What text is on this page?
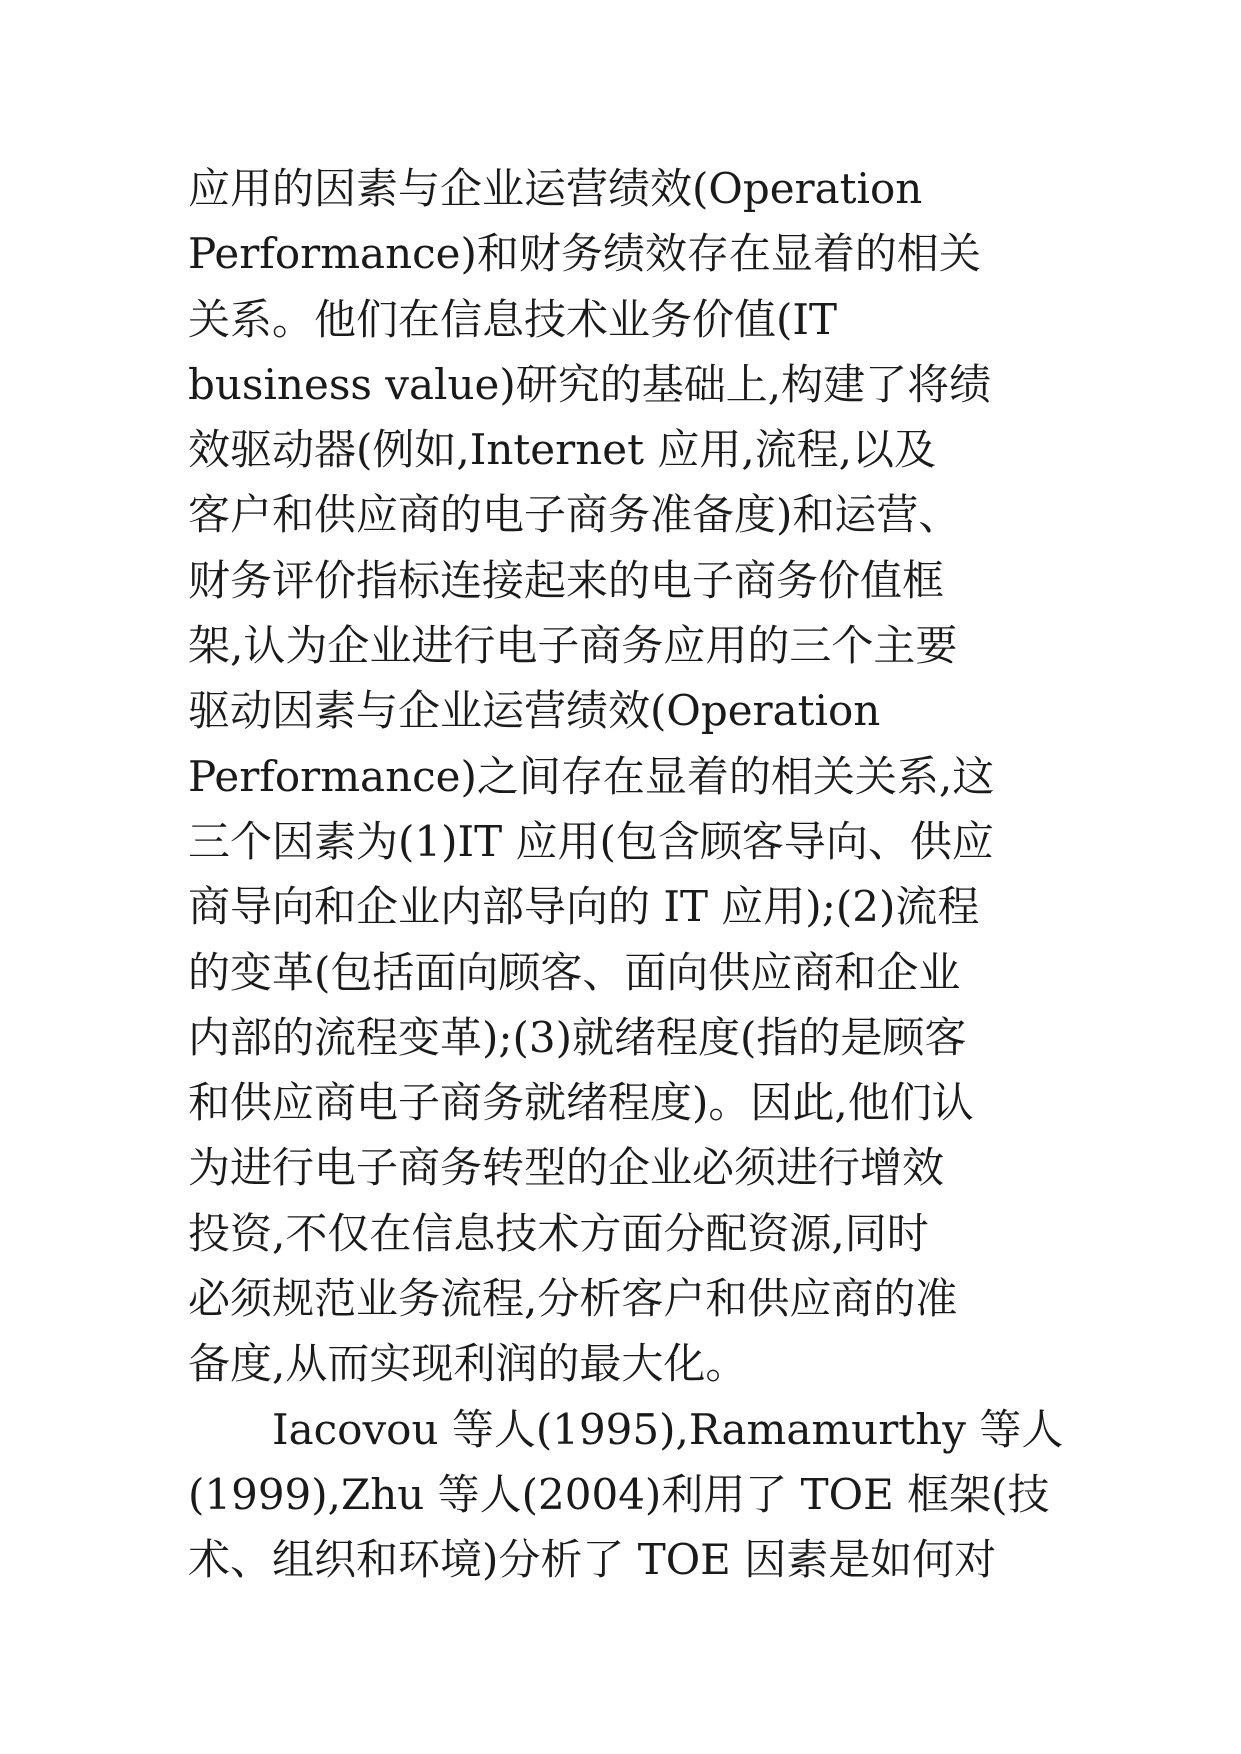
应用的因素与企业运营绩效(Operation
Performance)和财务绩效存在显着的相关
关系。他们在信息技术业务价值(IT
business value)研究的基础上,构建了将绩
效驱动器(例如,Internet 应用,流程,以及
客户和供应商的电子商务准备度)和运营、
财务评价指标连接起来的电子商务价值框
架,认为企业进行电子商务应用的三个主要
驱动因素与企业运营绩效(Operation
Performance)之间存在显着的相关关系,这
三个因素为(1)IT 应用(包含顾客导向、供应
商导向和企业内部导向的 IT 应用);(2)流程
的变革(包括面向顾客、面向供应商和企业
内部的流程变革);(3)就绪程度(指的是顾客
和供应商电子商务就绪程度)。因此,他们认
为进行电子商务转型的企业必须进行增效
投资,不仅在信息技术方面分配资源,同时
必须规范业务流程,分析客户和供应商的准
备度,从而实现利润的最大化。
Iacovou 等人(1995),Ramamurthy 等人
(1999),Zhu 等人(2004)利用了 TOE 框架(技
术、组织和环境)分析了 TOE 因素是如何对
